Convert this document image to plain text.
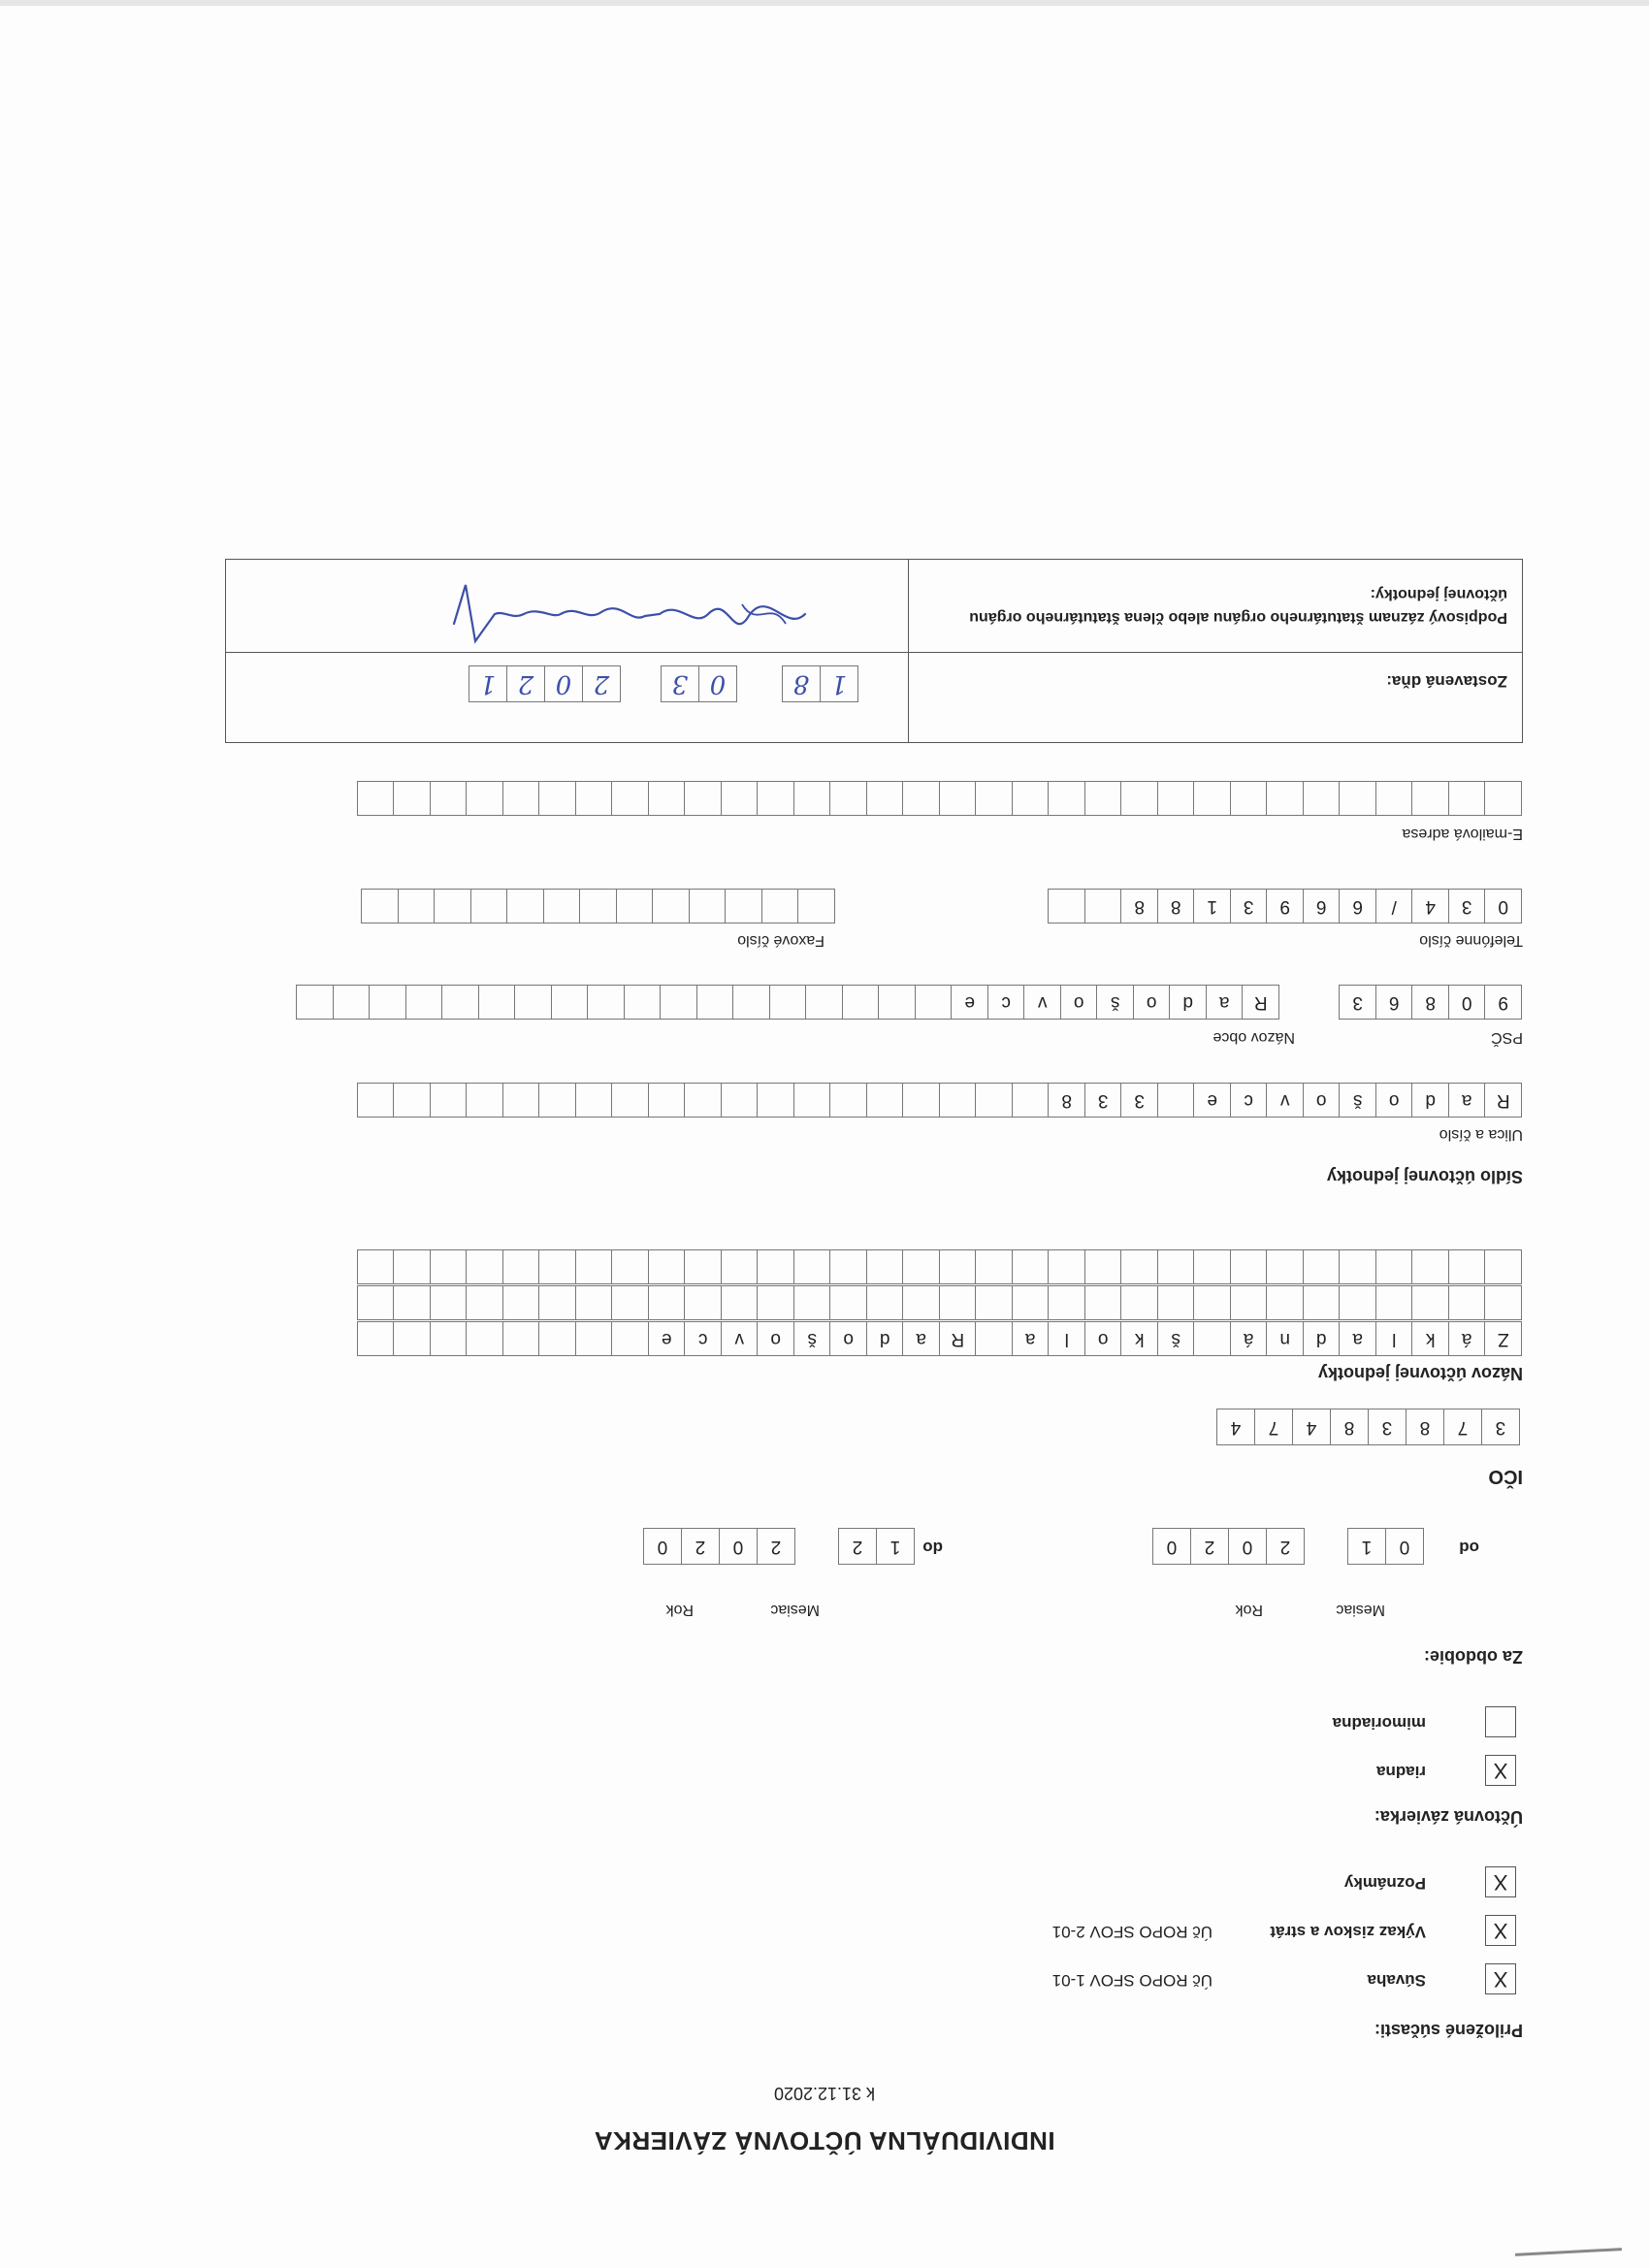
INDIVIDUÁLNA ÚČTOVNÁ ZÁVIERKA
k 31.12.2020
Priložené súčasti:
X
Súvaha
Úč ROPO SFOV 1-01
X
Výkaz ziskov a strát
Úč ROPO SFOV 2-01
X
Poznámky
Účtovná závierka:
X
riadna
mimoriadna
Za obdobie:
Mesiac
Rok
Mesiac
Rok
od
0
1
2
0
2
0
do
1
2
2
0
2
0
IČO
3
7
8
3
8
4
7
4
Názov účtovnej jednotky
Z
á
k
l
a
d
n
á
š
k
o
l
a
R
a
d
o
š
o
v
c
e
Sídlo účtovnej jednotky
Ulica a číslo
R
a
d
o
š
o
v
c
e
3
3
8
PSČ
Názov obce
9
0
8
6
3
R
a
d
o
š
o
v
c
e
Telefónne číslo
Faxové číslo
0
3
4
/
6
6
9
3
1
8
8
E-mailová adresa
Zostavená dňa:
1
8
0
3
2
0
2
1
Podpisový záznam štatutárneho orgánu alebo člena štatutárneho orgánu účtovnej jednotky:
